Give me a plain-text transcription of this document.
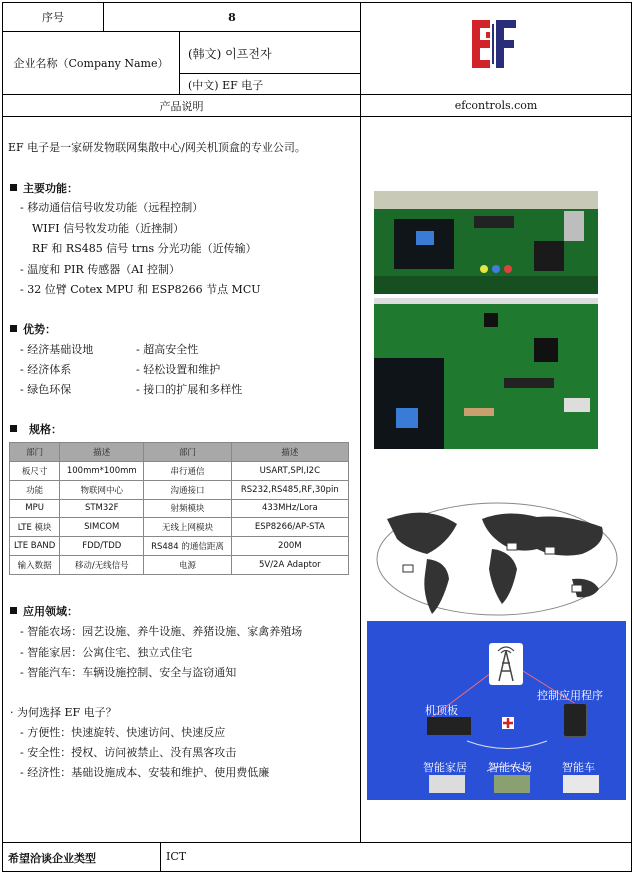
序号	8
企业名称（Company Name）
(韩文) 이프전자
(中文) EF 电子
产品说明	efcontrols.com
EF 电子是一家研发物联网集散中心/网关机顶盒的专业公司。
主要功能：
- 移动通信信号收发功能（远程控制）
WIFI 信号牧发功能（近挫制）
RF 和 RS485 信号 trns 分光功能（近传输）
- 温度和 PIR 传感器（AI 控制）
- 32 位臂 Cotex MPU 和 ESP8266 节点 MCU
优势：
- 经济基础设地
- 经济体系
- 绿色环保
- 超高安全性
- 轻松设置和维护
- 接口的扩展和多样性
规格：
部门	描述	部门	描述
板尺寸	100mm*100mm	串行通信	USART,SPI,I2C
功能	物联网中心	沟通接口	RS232,RS485,RF,30pin
MPU	STM32F	射频模块	433MHz/Lora
LTE 模块	SIMCOM	无线上网模块	ESP8266/AP-STA
LTE BAND	FDD/TDD	RS484 的通信距离	200M
输入数据	移动/无线信号	电源	5V/2A Adaptor
应用领域：
- 智能农场：园艺设施、养牛设施、养猪设施、家禽养殖场
- 智能家居：公寓住宅、独立式住宅
- 智能汽车：车辆设施控制、安全与盗窃通知
· 为何选择 EF 电子？
- 方便性：快速旋转、快速访问、快速反应
- 安全性：授权、访问被禁止、没有黑客攻击
- 经济性：基础设施成本、安装和维护、使用费低廉
希望洽谈企业类型	ICT
机顶板
控制应用程序
智能家居 智能农场	智能车
